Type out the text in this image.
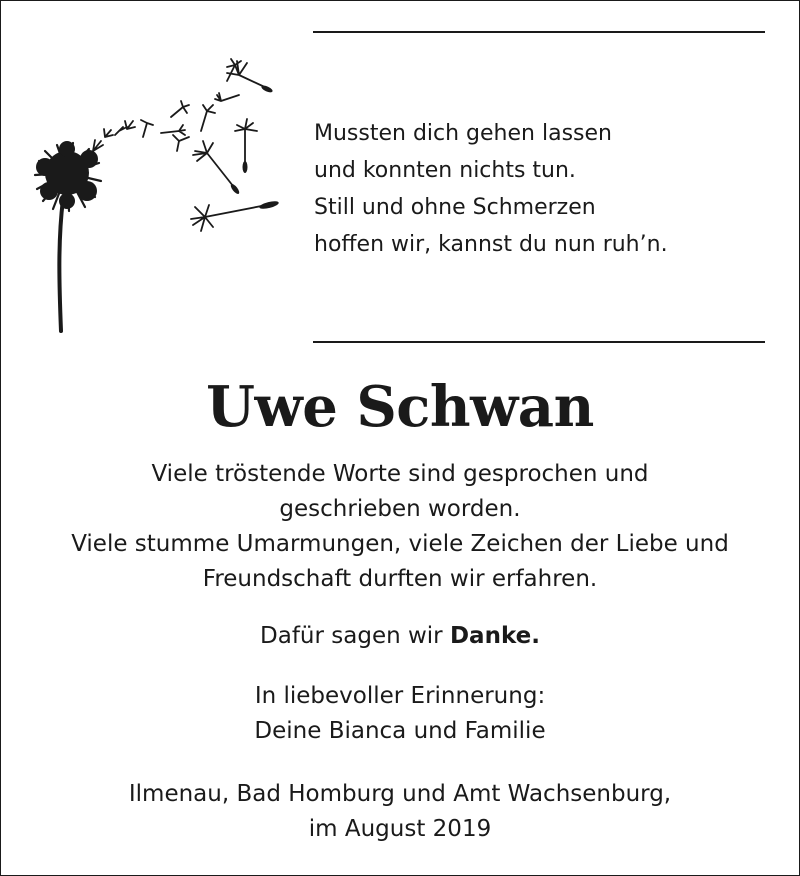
Mussten dich gehen lassen
und konnten nichts tun.
Still und ohne Schmerzen
hoffen wir, kannst du nun ruh’n.
Uwe Schwan
Viele tröstende Worte sind gesprochen und
geschrieben worden.
Viele stumme Umarmungen, viele Zeichen der Liebe und
Freundschaft durften wir erfahren.
Dafür sagen wir Danke.
In liebevoller Erinnerung:
Deine Bianca und Familie
Ilmenau, Bad Homburg und Amt Wachsenburg,
im August 2019
